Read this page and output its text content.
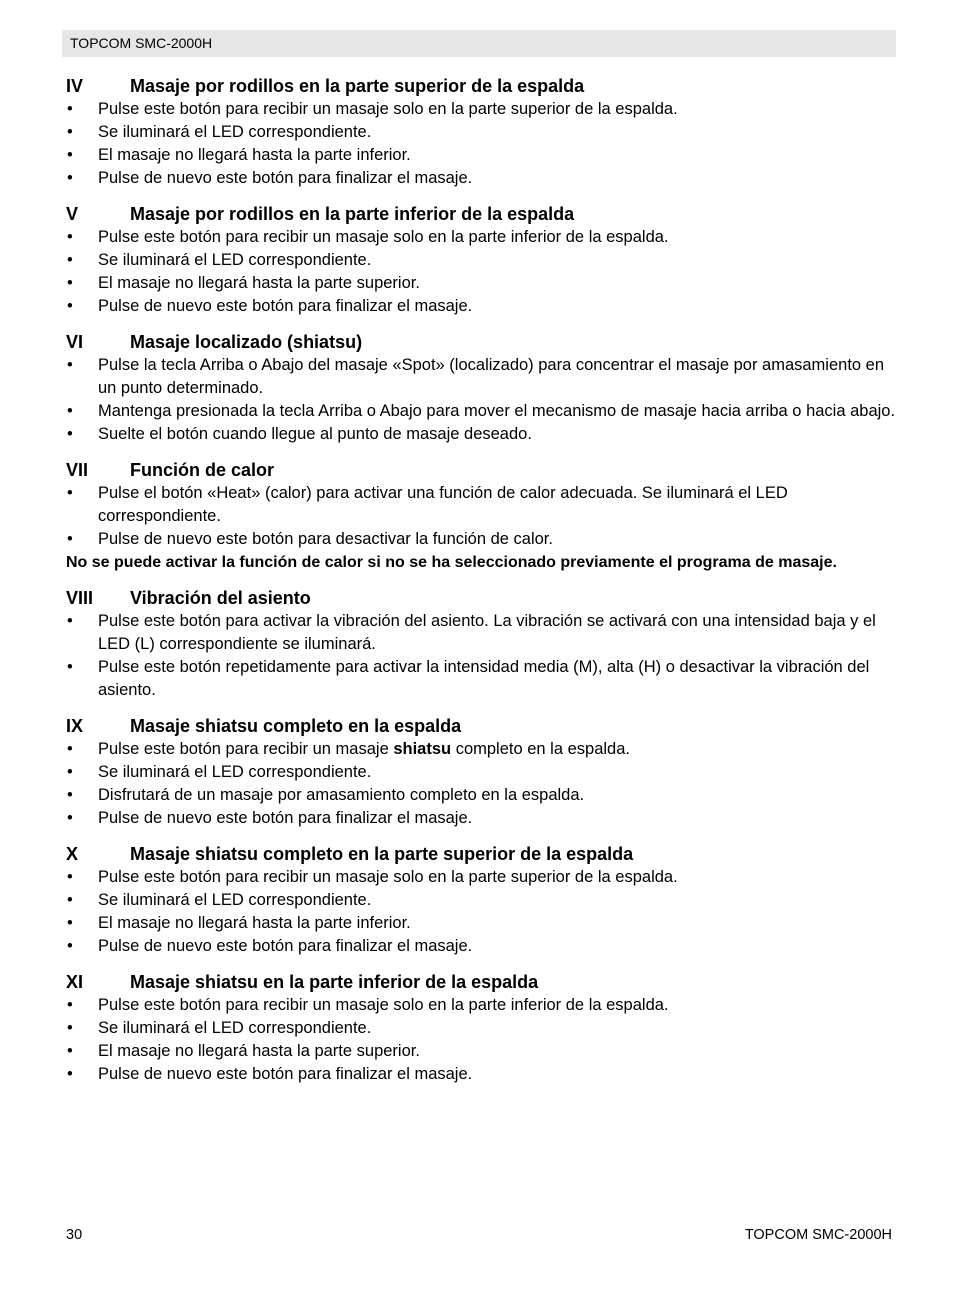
TOPCOM SMC-2000H
IV	Masaje por rodillos en la parte superior de la espalda
•	Pulse este botón para recibir un masaje solo en la parte superior de la espalda.
•	Se iluminará el LED correspondiente.
•	El masaje no llegará hasta la parte inferior.
•	Pulse de nuevo este botón para finalizar el masaje.
V	Masaje por rodillos en la parte inferior de la espalda
•	Pulse este botón para recibir un masaje solo en la parte inferior de la espalda.
•	Se iluminará el LED correspondiente.
•	El masaje no llegará hasta la parte superior.
•	Pulse de nuevo este botón para finalizar el masaje.
VI	Masaje localizado (shiatsu)
•	Pulse la tecla Arriba o Abajo del masaje «Spot» (localizado) para concentrar el masaje por amasamiento en un punto determinado.
•	Mantenga presionada la tecla Arriba o Abajo para mover el mecanismo de masaje hacia arriba o hacia abajo.
•	Suelte el botón cuando llegue al punto de masaje deseado.
VII	Función de calor
•	Pulse el botón «Heat» (calor) para activar una función de calor adecuada. Se iluminará el LED correspondiente.
•	Pulse de nuevo este botón para desactivar la función de calor.
No se puede activar la función de calor si no se ha seleccionado previamente el programa de masaje.
VIII	Vibración del asiento
•	Pulse este botón para activar la vibración del asiento. La vibración se activará con una intensidad baja y el LED (L) correspondiente se iluminará.
•	Pulse este botón repetidamente para activar la intensidad media (M), alta (H) o desactivar la vibración del asiento.
IX	Masaje shiatsu completo en la espalda
•	Pulse este botón para recibir un masaje shiatsu completo en la espalda.
•	Se iluminará el LED correspondiente.
•	Disfrutará de un masaje por amasamiento completo en la espalda.
•	Pulse de nuevo este botón para finalizar el masaje.
X	Masaje shiatsu completo en la parte superior de la espalda
•	Pulse este botón para recibir un masaje solo en la parte superior de la espalda.
•	Se iluminará el LED correspondiente.
•	El masaje no llegará hasta la parte inferior.
•	Pulse de nuevo este botón para finalizar el masaje.
XI	Masaje shiatsu en la parte inferior de la espalda
•	Pulse este botón para recibir un masaje solo en la parte inferior de la espalda.
•	Se iluminará el LED correspondiente.
•	El masaje no llegará hasta la parte superior.
•	Pulse de nuevo este botón para finalizar el masaje.
30	TOPCOM SMC-2000H
